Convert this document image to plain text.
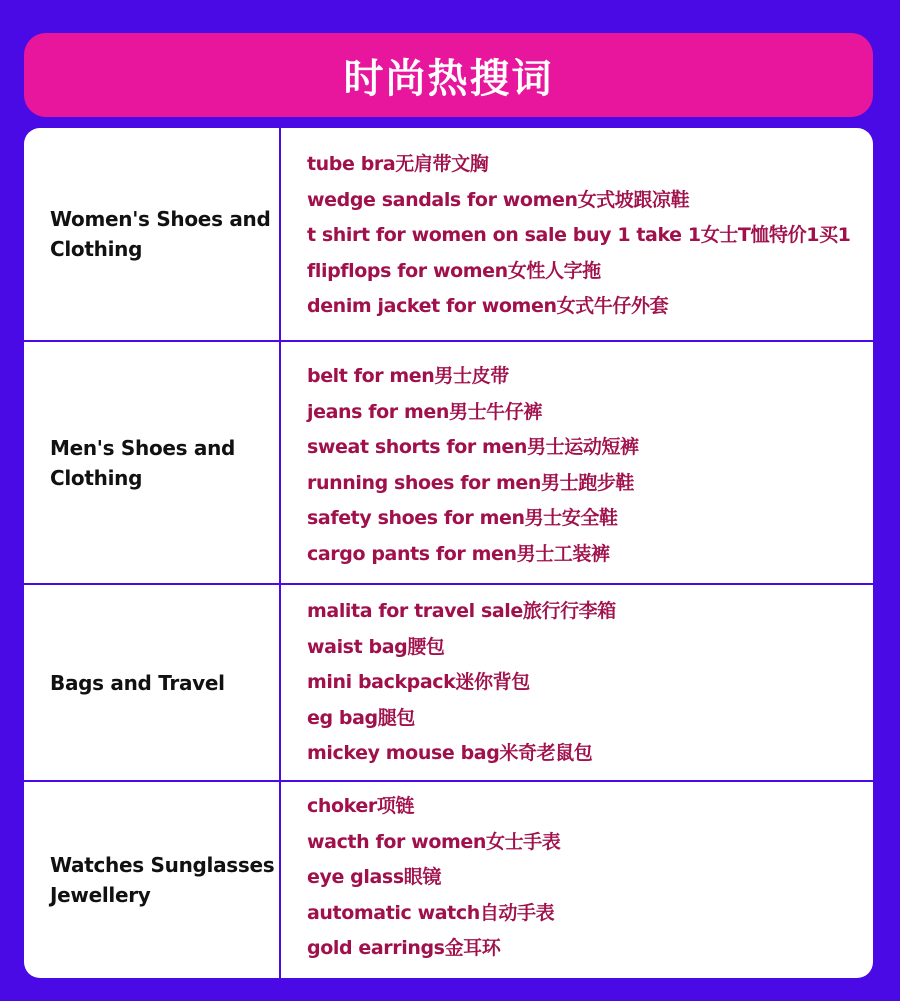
时尚热搜词
Women's Shoes and Clothing
tube bra无肩带文胸
wedge sandals for women女式坡跟凉鞋
t shirt for women on sale buy 1 take 1女士T恤特价1买1
flipflops for women女性人字拖
denim jacket for women女式牛仔外套
Men's Shoes and Clothing
belt for men男士皮带
jeans for men男士牛仔裤
sweat shorts for men男士运动短裤
running shoes for men男士跑步鞋
safety shoes for men男士安全鞋
cargo pants for men男士工装裤
Bags and Travel
malita for travel sale旅行行李箱
waist bag腰包
mini backpack迷你背包
eg bag腿包
mickey mouse bag米奇老鼠包
Watches Sunglasses Jewellery
choker项链
wacth for women女士手表
eye glass眼镜
automatic watch自动手表
gold earrings金耳环
